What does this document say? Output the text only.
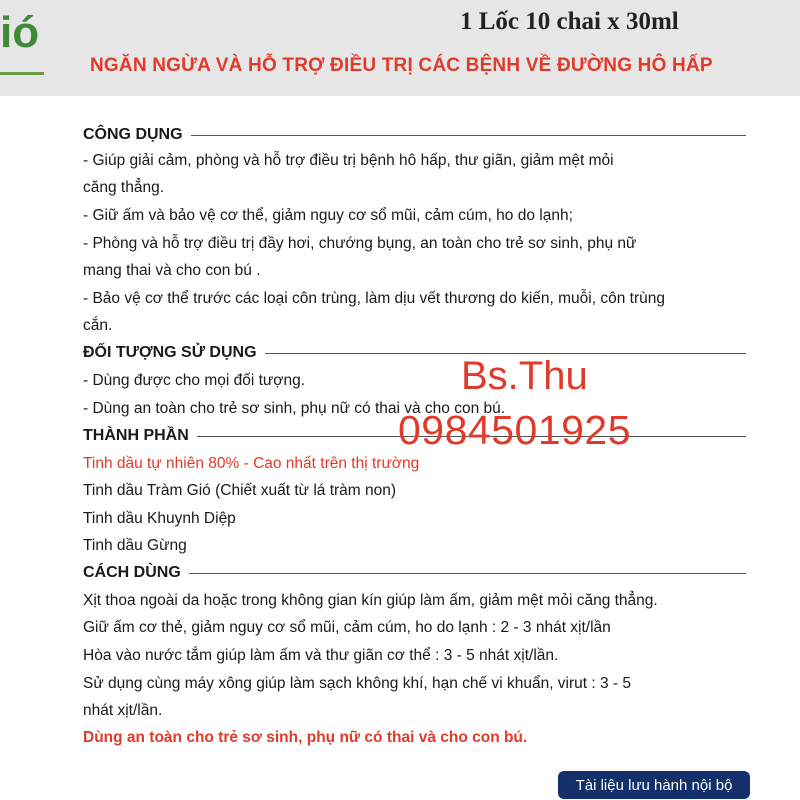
ió	1 Lốc 10 chai x 30ml
NGĂN NGỪA VÀ HỖ TRỢ ĐIỀU TRỊ CÁC BỆNH VỀ ĐƯỜNG HÔ HẤP
CÔNG DỤNG
- Giúp giải cảm, phòng và hỗ trợ điều trị bệnh hô hấp, thư giãn, giảm mệt mỏi
căng thẳng.
- Giữ ấm và bảo vệ cơ thể, giảm nguy cơ sổ mũi, cảm cúm, ho do lạnh;
- Phòng và hỗ trợ điều trị đầy hơi, chướng bụng, an toàn cho trẻ sơ sinh, phụ nữ
mang thai và cho con bú .
- Bảo vệ cơ thể trước các loại côn trùng, làm dịu vết thương do kiến, muỗi, côn trùng
cắn.
ĐỐI TƯỢNG SỬ DỤNG
- Dùng được cho mọi đối tượng.
- Dùng an toàn cho trẻ sơ sinh, phụ nữ có thai và cho con bú.
THÀNH PHẦN
Tinh dầu tự nhiên 80% - Cao nhất trên thị trường
Tinh dầu Tràm Gió (Chiết xuất từ lá tràm non)
Tinh dầu Khuynh Diệp
Tinh dầu Gừng
CÁCH DÙNG
Xịt thoa ngoài da hoặc trong không gian kín giúp làm ấm, giảm mệt mỏi căng thẳng.
Giữ ấm cơ thẻ, giảm nguy cơ sổ mũi, cảm cúm, ho do lạnh : 2 - 3 nhát xịt/lần
Hòa vào nước tắm giúp làm ấm và thư giãn cơ thể : 3 - 5 nhát xịt/lần.
Sử dụng cùng máy xông giúp làm sạch không khí, hạn chế vi khuẩn, virut : 3 - 5
nhát xịt/lần.
Dùng an toàn cho trẻ sơ sinh, phụ nữ có thai và cho con bú.
Bs.Thu
0984501925
Tài liệu lưu hành nội bộ
